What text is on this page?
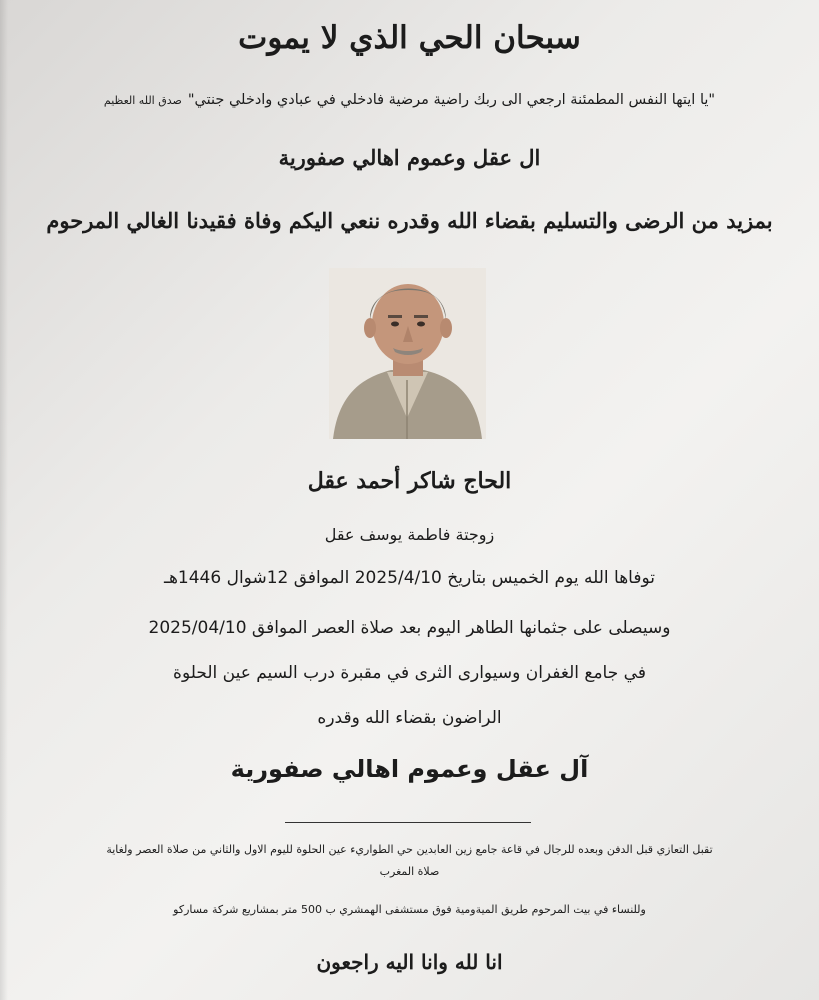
سبحان الحي الذي لا يموت
"يا ايتها النفس المطمئنة ارجعي الى ربك راضية مرضية فادخلي في عبادي وادخلي جنتي"صدق الله العظيم
ال عقل وعموم اهالي صفورية
بمزيد من الرضى والتسليم بقضاء الله وقدره ننعي اليكم وفاة فقيدنا الغالي المرحوم
الحاج شاكر أحمد عقل
زوجتة فاطمة يوسف عقل
توفاها الله يوم الخميس بتاريخ 2025/4/10 الموافق 12شوال 1446هـ
وسيصلى على جثمانها الطاهر اليوم بعد صلاة العصر الموافق 2025/04/10
في جامع الغفران وسيوارى الثرى في مقبرة درب السيم عين الحلوة
الراضون بقضاء الله وقدره
آل عقل وعموم اهالي صفورية
تقبل التعازي قبل الدفن وبعده للرجال في قاعة جامع زين العابدين حي الطواريء عين الحلوة لليوم الاول والثاني من صلاة العصر ولغاية
صلاة المغرب
وللنساء في بيت المرحوم طريق الميةومية فوق مستشفى الهمشري ب 500 متر بمشاريع شركة مساركو
انا لله وانا اليه راجعون
